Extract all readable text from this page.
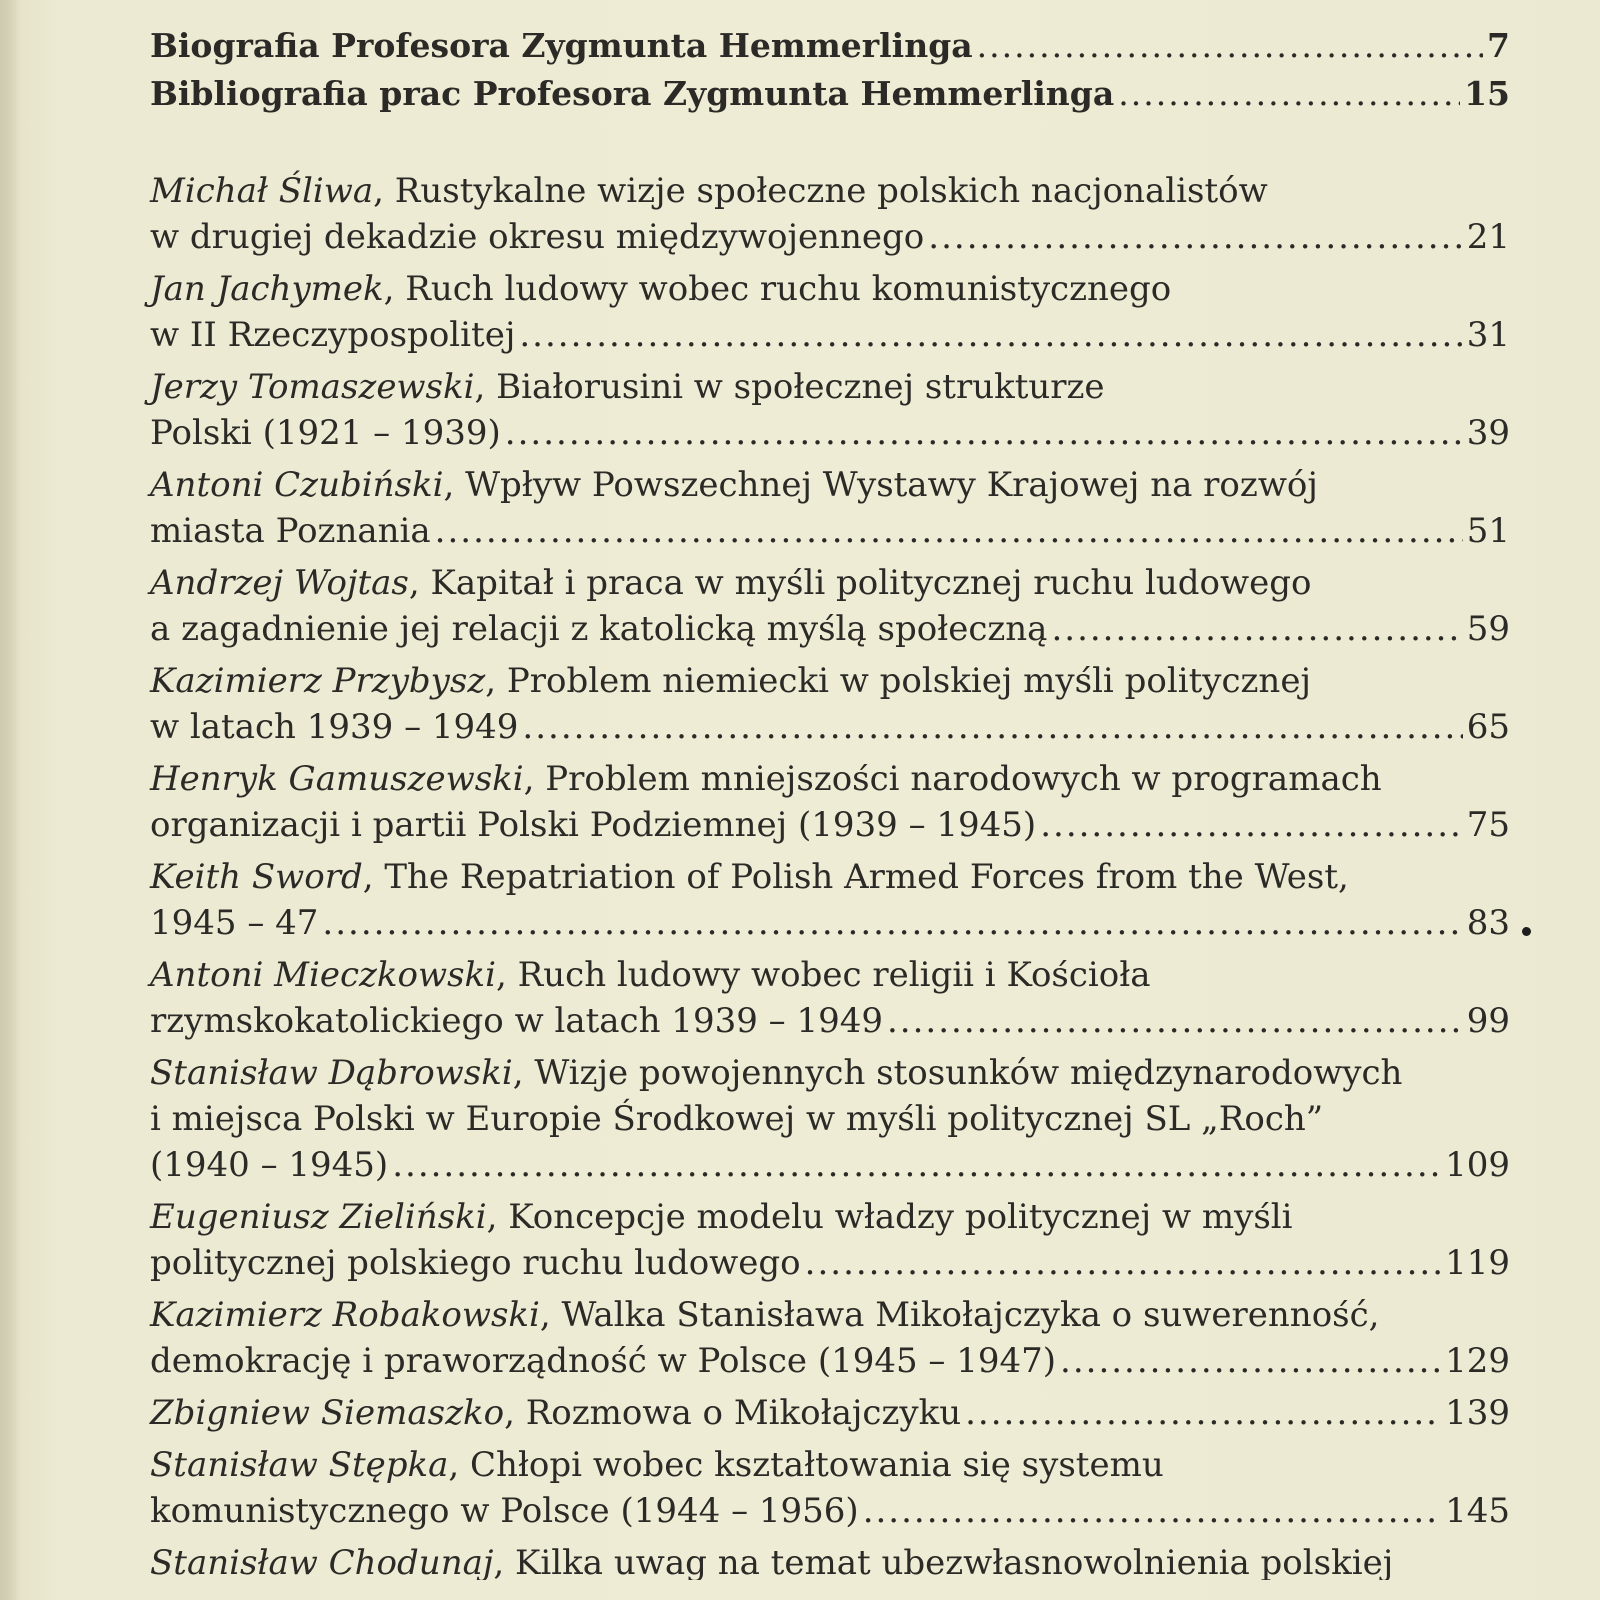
Biografia Profesora Zygmunta Hemmerlinga .....	7
Bibliografia prac Profesora Zygmunta Hemmerlinga .....	15
Michał Śliwa, Rustykalne wizje społeczne polskich nacjonalistów
w drugiej dekadzie okresu międzywojennego .....	21
Jan Jachymek, Ruch ludowy wobec ruchu komunistycznego
w II Rzeczypospolitej .....	31
Jerzy Tomaszewski, Białorusini w społecznej strukturze
Polski (1921 – 1939) .....	39
Antoni Czubiński, Wpływ Powszechnej Wystawy Krajowej na rozwój
miasta Poznania .....	51
Andrzej Wojtas, Kapitał i praca w myśli politycznej ruchu ludowego
a zagadnienie jej relacji z katolicką myślą społeczną .....	59
Kazimierz Przybysz, Problem niemiecki w polskiej myśli politycznej
w latach 1939 – 1949 .....	65
Henryk Gamuszewski, Problem mniejszości narodowych w programach
organizacji i partii Polski Podziemnej (1939 – 1945) .....	75
Keith Sword, The Repatriation of Polish Armed Forces from the West,
1945 – 47 .....	83
Antoni Mieczkowski, Ruch ludowy wobec religii i Kościoła
rzymskokatolickiego w latach 1939 – 1949 .....	99
Stanisław Dąbrowski, Wizje powojennych stosunków międzynarodowych
i miejsca Polski w Europie Środkowej w myśli politycznej SL „Roch”
(1940 – 1945) .....	109
Eugeniusz Zieliński, Koncepcje modelu władzy politycznej w myśli
politycznej polskiego ruchu ludowego .....	119
Kazimierz Robakowski, Walka Stanisława Mikołajczyka o suwerenność,
demokrację i praworządność w Polsce (1945 – 1947) .....	129
Zbigniew Siemaszko, Rozmowa o Mikołajczyku .....	139
Stanisław Stępka, Chłopi wobec kształtowania się systemu
komunistycznego w Polsce (1944 – 1956) .....	145
Stanisław Chodunaj, Kilka uwag na temat ubezwłasnowolnienia polskiej
